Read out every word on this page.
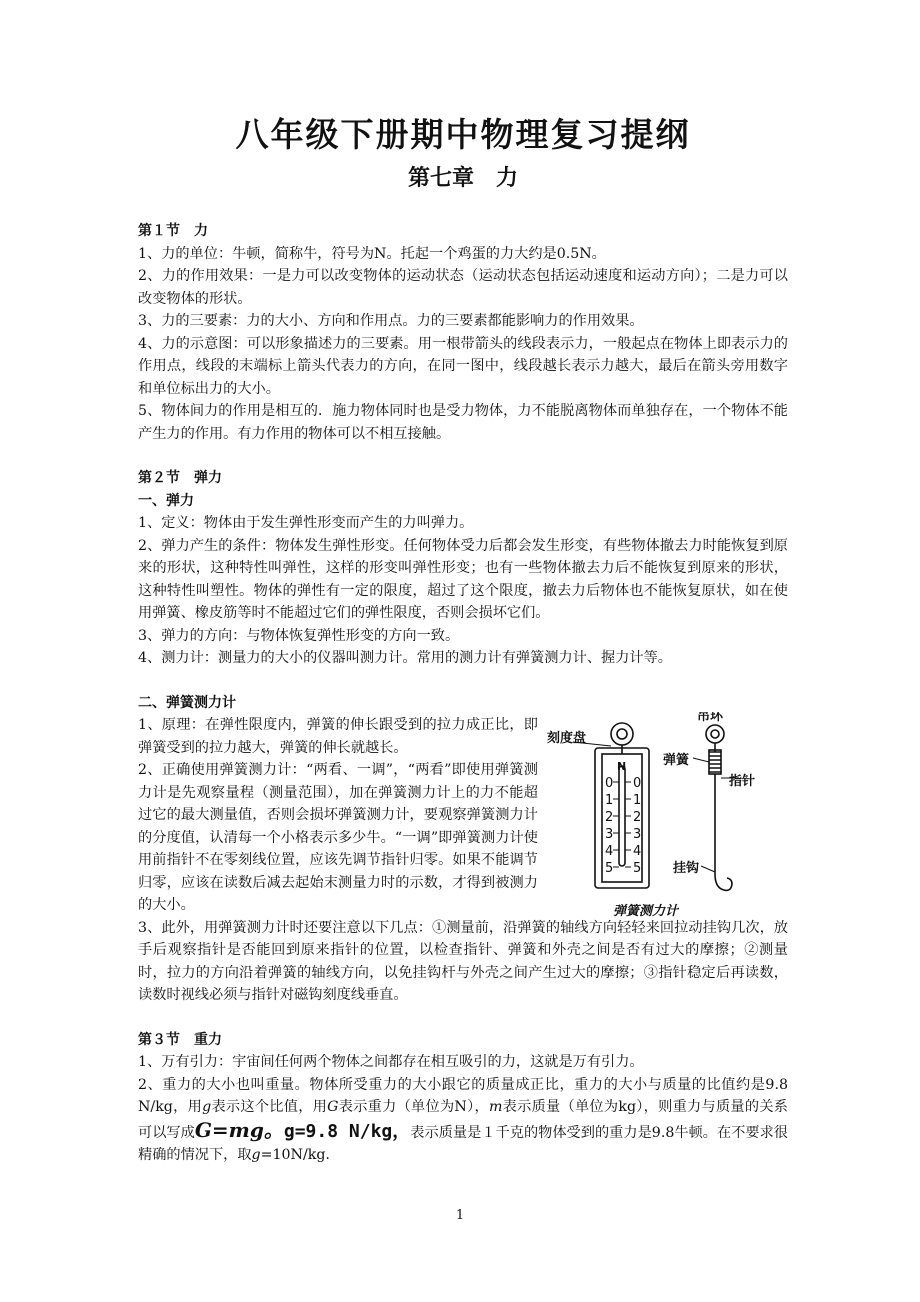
八年级下册期中物理复习提纲
第七章　力
第１节　力

1、力的单位：牛顿，简称牛，符号为N。托起一个鸡蛋的力大约是0.5N。

2、力的作用效果：一是力可以改变物体的运动状态（运动状态包括运动速度和运动方向）；二是力可以改变物体的形状。

3、力的三要素：力的大小、方向和作用点。力的三要素都能影响力的作用效果。

4、力的示意图：可以形象描述力的三要素。用一根带箭头的线段表示力，一般起点在物体上即表示力的作用点，线段的末端标上箭头代表力的方向，在同一图中，线段越长表示力越大，最后在箭头旁用数字和单位标出力的大小。

5、物体间力的作用是相互的．施力物体同时也是受力物体，力不能脱离物体而单独存在，一个物体不能产生力的作用。有力作用的物体可以不相互接触。

第２节　弹力
一、弹力

1、定义：物体由于发生弹性形变而产生的力叫弹力。

2、弹力产生的条件：物体发生弹性形变。任何物体受力后都会发生形变，有些物体撤去力时能恢复到原来的形状，这种特性叫弹性，这样的形变叫弹性形变；也有一些物体撤去力后不能恢复到原来的形状，这种特性叫塑性。物体的弹性有一定的限度，超过了这个限度，撤去力后物体也不能恢复原状，如在使用弹簧、橡皮筋等时不能超过它们的弹性限度，否则会损坏它们。

3、弹力的方向：与物体恢复弹性形变的方向一致。

4、测力计：测量力的大小的仪器叫测力计。常用的测力计有弹簧测力计、握力计等。

二、弹簧测力计

1、原理：在弹性限度内，弹簧的伸长跟受到的拉力成正比，即弹簧受到的拉力越大，弹簧的伸长就越长。

2、正确使用弹簧测力计：“两看、一调”，“两看”即使用弹簧测力计是先观察量程（测量范围），加在弹簧测力计上的力不能超过它的最大测量值，否则会损坏弹簧测力计，要观察弹簧测力计的分度值，认清每一个小格表示多少牛。“一调”即弹簧测力计使用前指针不在零刻线位置，应该先调节指针归零。如果不能调节归零，应该在读数后减去起始末测量力时的示数，才得到被测力的大小。

N
0
1
2
3
4
5
0
1
2
3
4
5
刻度盘
吊环
弹簧
指针
挂钩
弹簧测力计

3、此外，用弹簧测力计时还要注意以下几点：①测量前，沿弹簧的轴线方向轻轻来回拉动挂钩几次，放手后观察指针是否能回到原来指针的位置，以检查指针、弹簧和外壳之间是否有过大的摩擦；②测量时，拉力的方向沿着弹簧的轴线方向，以免挂钩杆与外壳之间产生过大的摩擦；③指针稳定后再读数，读数时视线必须与指针对磁钩刻度线垂直。

第３节　重力

1、万有引力：宇宙间任何两个物体之间都存在相互吸引的力，这就是万有引力。

2、重力的大小也叫重量。物体所受重力的大小跟它的质量成正比，重力的大小与质量的比值约是9.8 N/kg，用g表示这个比值，用G表示重力（单位为N），m表示质量（单位为kg），则重力与质量的关系可以写成G=mg。g=9.8 N/kg，表示质量是１千克的物体受到的重力是9.8牛顿。在不要求很精确的情况下，取g=10N/kg.

1
